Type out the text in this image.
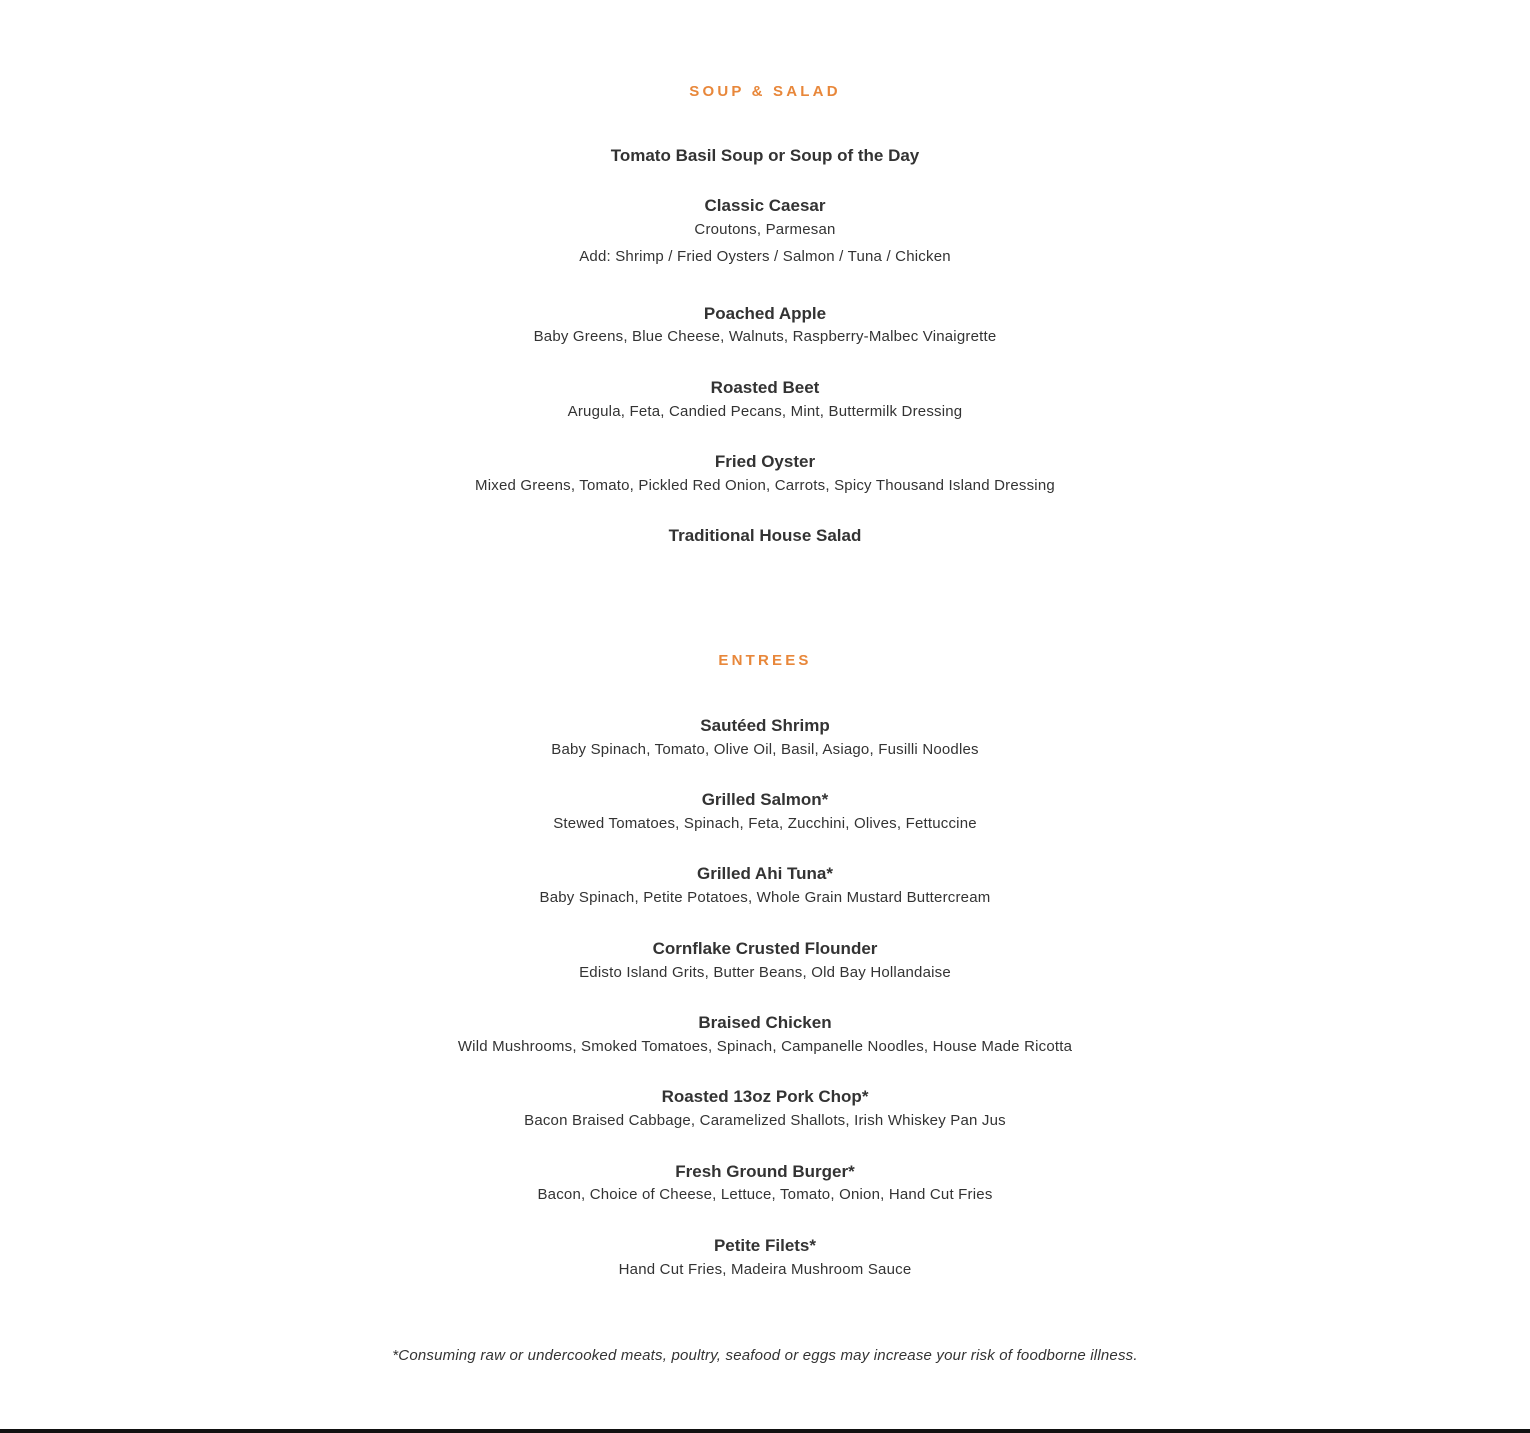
SOUP & SALAD
Tomato Basil Soup or Soup of the Day
Classic Caesar
Croutons, Parmesan
Add: Shrimp / Fried Oysters / Salmon / Tuna / Chicken
Poached Apple
Baby Greens, Blue Cheese, Walnuts, Raspberry-Malbec Vinaigrette
Roasted Beet
Arugula, Feta, Candied Pecans, Mint, Buttermilk Dressing
Fried Oyster
Mixed Greens, Tomato, Pickled Red Onion, Carrots, Spicy Thousand Island Dressing
Traditional House Salad
ENTREES
Sautéed Shrimp
Baby Spinach, Tomato, Olive Oil, Basil, Asiago, Fusilli Noodles
Grilled Salmon*
Stewed Tomatoes, Spinach, Feta, Zucchini, Olives, Fettuccine
Grilled Ahi Tuna*
Baby Spinach, Petite Potatoes, Whole Grain Mustard Buttercream
Cornflake Crusted Flounder
Edisto Island Grits, Butter Beans, Old Bay Hollandaise
Braised Chicken
Wild Mushrooms, Smoked Tomatoes, Spinach, Campanelle Noodles, House Made Ricotta
Roasted 13oz Pork Chop*
Bacon Braised Cabbage, Caramelized Shallots, Irish Whiskey Pan Jus
Fresh Ground Burger*
Bacon, Choice of Cheese, Lettuce, Tomato, Onion, Hand Cut Fries
Petite Filets*
Hand Cut Fries, Madeira Mushroom Sauce
*Consuming raw or undercooked meats, poultry, seafood or eggs may increase your risk of foodborne illness.
